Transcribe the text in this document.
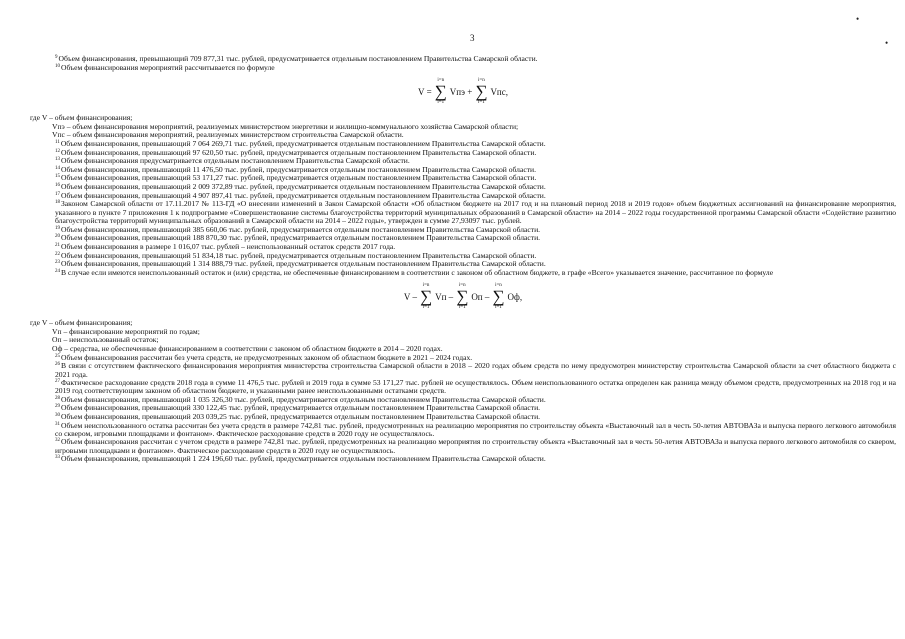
3
•
•
$^9$Объем финансирования, превышающий 709 877,31 тыс. рублей, предусматривается отдельным постановлением Правительства Самарской области.
$^{10}$Объем финансирования мероприятий рассчитывается по формуле
V =
i=n
∑
i=1
Vпэ +
i=n
∑
i=1
Vпс,
где V – объем финансирования;
Vпэ – объем финансирования мероприятий, реализуемых министерством энергетики и жилищно-коммунального хозяйства Самарской области;
Vпс – объем финансирования мероприятий, реализуемых министерством строительства Самарской области.
$^{11}$Объем финансирования, превышающий 7 064 269,71 тыс. рублей, предусматривается отдельным постановлением Правительства Самарской области.
$^{12}$Объем финансирования, превышающий 97 620,50 тыс. рублей, предусматривается отдельным постановлением Правительства Самарской области.
$^{13}$Объем финансирования предусматривается отдельным постановлением Правительства Самарской области.
$^{14}$Объем финансирования, превышающий 11 476,50 тыс. рублей, предусматривается отдельным постановлением Правительства Самарской области.
$^{15}$Объем финансирования, превышающий 53 171,27 тыс. рублей, предусматривается отдельным постановлением Правительства Самарской области.
$^{16}$Объем финансирования, превышающий 2 009 372,89 тыс. рублей, предусматривается отдельным постановлением Правительства Самарской области.
$^{17}$Объем финансирования, превышающий 4 907 897,41 тыс. рублей, предусматривается отдельным постановлением Правительства Самарской области.
$^{18}$Законом Самарской области от 17.11.2017 № 113-ГД «О внесении изменений в Закон Самарской области «Об областном бюджете на 2017 год и на плановый период 2018 и 2019 годов» объем бюджетных ассигнований на финансирование мероприятия, указанного в пункте 7 приложения 1 к подпрограмме «Совершенствование системы благоустройства территорий муниципальных образований в Самарской области» на 2014 – 2022 годы государственной программы Самарской области «Содействие развитию благоустройства территорий муниципальных образований в Самарской области на 2014 – 2022 годы», утвержден в сумме 27,93097 тыс. рублей.
$^{19}$Объем финансирования, превышающий 385 660,06 тыс. рублей, предусматривается отдельным постановлением Правительства Самарской области.
$^{20}$Объем финансирования, превышающий 188 870,30 тыс. рублей, предусматривается отдельным постановлением Правительства Самарской области.
$^{21}$Объем финансирования в размере 1 016,07 тыс. рублей – неиспользованный остаток средств 2017 года.
$^{22}$Объем финансирования, превышающий 51 834,18 тыс. рублей, предусматривается отдельным постановлением Правительства Самарской области.
$^{23}$Объем финансирования, превышающий 1 314 888,79 тыс. рублей, предусматривается отдельным постановлением Правительства Самарской области.
$^{24}$В случае если имеются неиспользованный остаток и (или) средства, не обеспеченные финансированием в соответствии с законом об областном бюджете, в графе «Всего» указывается значение, рассчитанное по формуле
V –
i=n
∑
i=1
Vп –
i=n
∑
i=1
Oп –
i=n
∑
i=1
Oф,
где V – объем финансирования;
Vп – финансирование мероприятий по годам;
Oп – неиспользованный остаток;
Oф – средства, не обеспеченные финансированием в соответствии с законом об областном бюджете в 2014 – 2020 годах.
$^{25}$Объем финансирования рассчитан без учета средств, не предусмотренных законом об областном бюджете в 2021 – 2024 годах.
$^{26}$В связи с отсутствием фактического финансирования мероприятия министерства строительства Самарской области в 2018 – 2020 годах объем средств по нему предусмотрен министерству строительства Самарской области за счет областного бюджета с 2021 года.
$^{27}$Фактическое расходование средств 2018 года в сумме 11 476,5 тыс. рублей и 2019 года в сумме 53 171,27 тыс. рублей не осуществлялось. Объем неиспользованного остатка определен как разница между объемом средств, предусмотренных на 2018 год и на 2019 год соответствующим законом об областном бюджете, и указанными ранее неиспользованными остатками средств.
$^{28}$Объем финансирования, превышающий 1 035 326,30 тыс. рублей, предусматривается отдельным постановлением Правительства Самарской области.
$^{29}$Объем финансирования, превышающий 330 122,45 тыс. рублей, предусматривается отдельным постановлением Правительства Самарской области.
$^{30}$Объем финансирования, превышающий 203 039,25 тыс. рублей, предусматривается отдельным постановлением Правительства Самарской области.
$^{31}$Объем неиспользованного остатка рассчитан без учета средств в размере 742,81 тыс. рублей, предусмотренных на реализацию мероприятия по строительству объекта «Выставочный зал в честь 50-летия АВТОВАЗа и выпуска первого легкового автомобиля со сквером, игровыми площадками и фонтаном». Фактическое расходование средств в 2020 году не осуществлялось.
$^{32}$Объем финансирования рассчитан с учетом средств в размере 742,81 тыс. рублей, предусмотренных на реализацию мероприятия по строительству объекта «Выставочный зал в честь 50-летия АВТОВАЗа и выпуска первого легкового автомобиля со сквером, игровыми площадками и фонтаном». Фактическое расходование средств в 2020 году не осуществлялось.
$^{33}$Объем финансирования, превышающий 1 224 196,60 тыс. рублей, предусматривается отдельным постановлением Правительства Самарской области.
